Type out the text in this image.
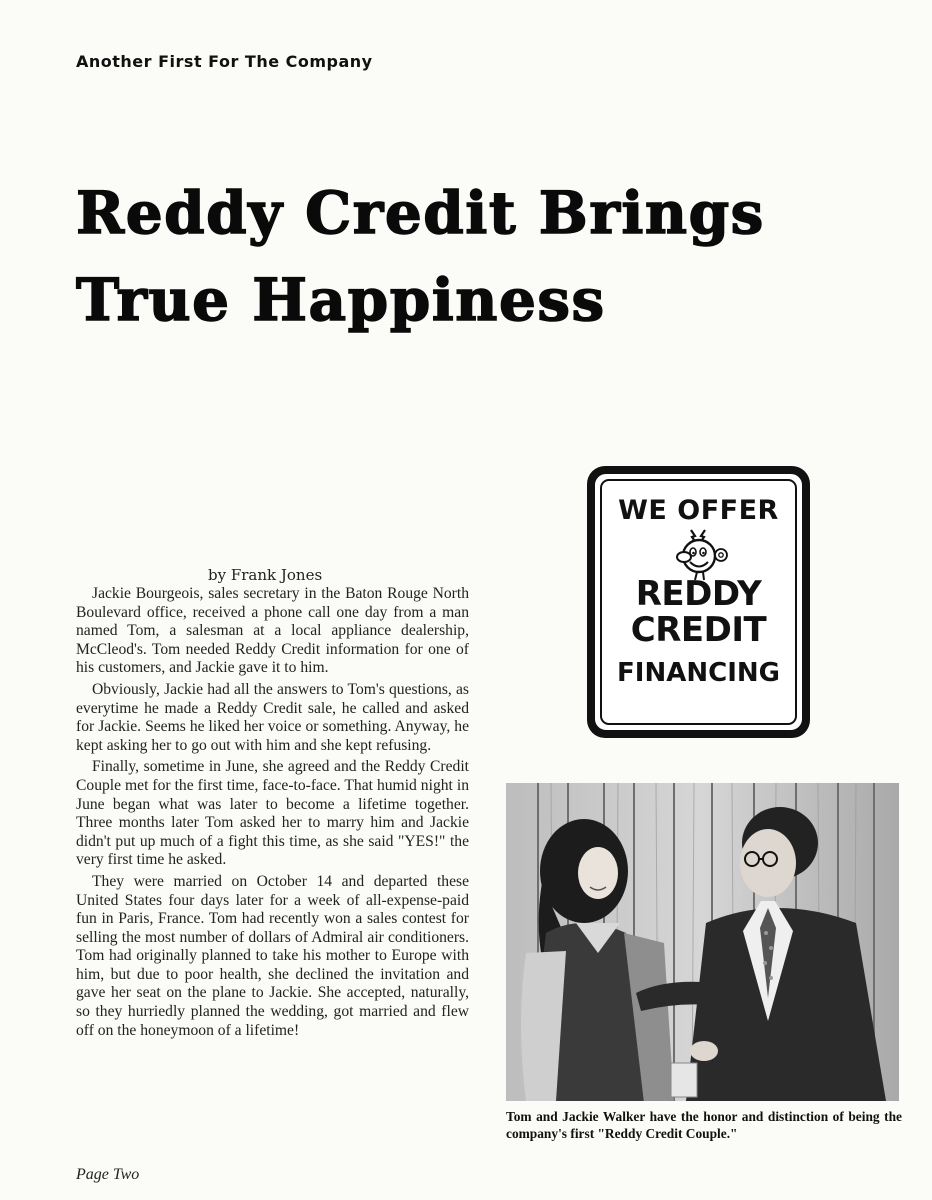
Another First For The Company
Reddy Credit Brings
True Happiness
by Frank Jones

Jackie Bourgeois, sales secretary in the Baton Rouge North Boulevard office, received a phone call one day from a man named Tom, a salesman at a local appliance dealership, McCleod's. Tom needed Reddy Credit information for one of his customers, and Jackie gave it to him.

Obviously, Jackie had all the answers to Tom's questions, as everytime he made a Reddy Credit sale, he called and asked for Jackie. Seems he liked her voice or something. Anyway, he kept asking her to go out with him and she kept refusing.

Finally, sometime in June, she agreed and the Reddy Credit Couple met for the first time, face-to-face. That humid night in June began what was later to become a lifetime together. Three months later Tom asked her to marry him and Jackie didn't put up much of a fight this time, as she said "YES!" the very first time he asked.

They were married on October 14 and departed these United States four days later for a week of all-expense-paid fun in Paris, France. Tom had recently won a sales contest for selling the most number of dollars of Admiral air conditioners. Tom had originally planned to take his mother to Europe with him, but due to poor health, she declined the invitation and gave her seat on the plane to Jackie. She accepted, naturally, so they hurriedly planned the wedding, got married and flew off on the honeymoon of a lifetime!

WE OFFER
REDDY
CREDIT
FINANCING
Tom and Jackie Walker have the honor and distinction of being the company's first "Reddy Credit Couple."
Page Two
